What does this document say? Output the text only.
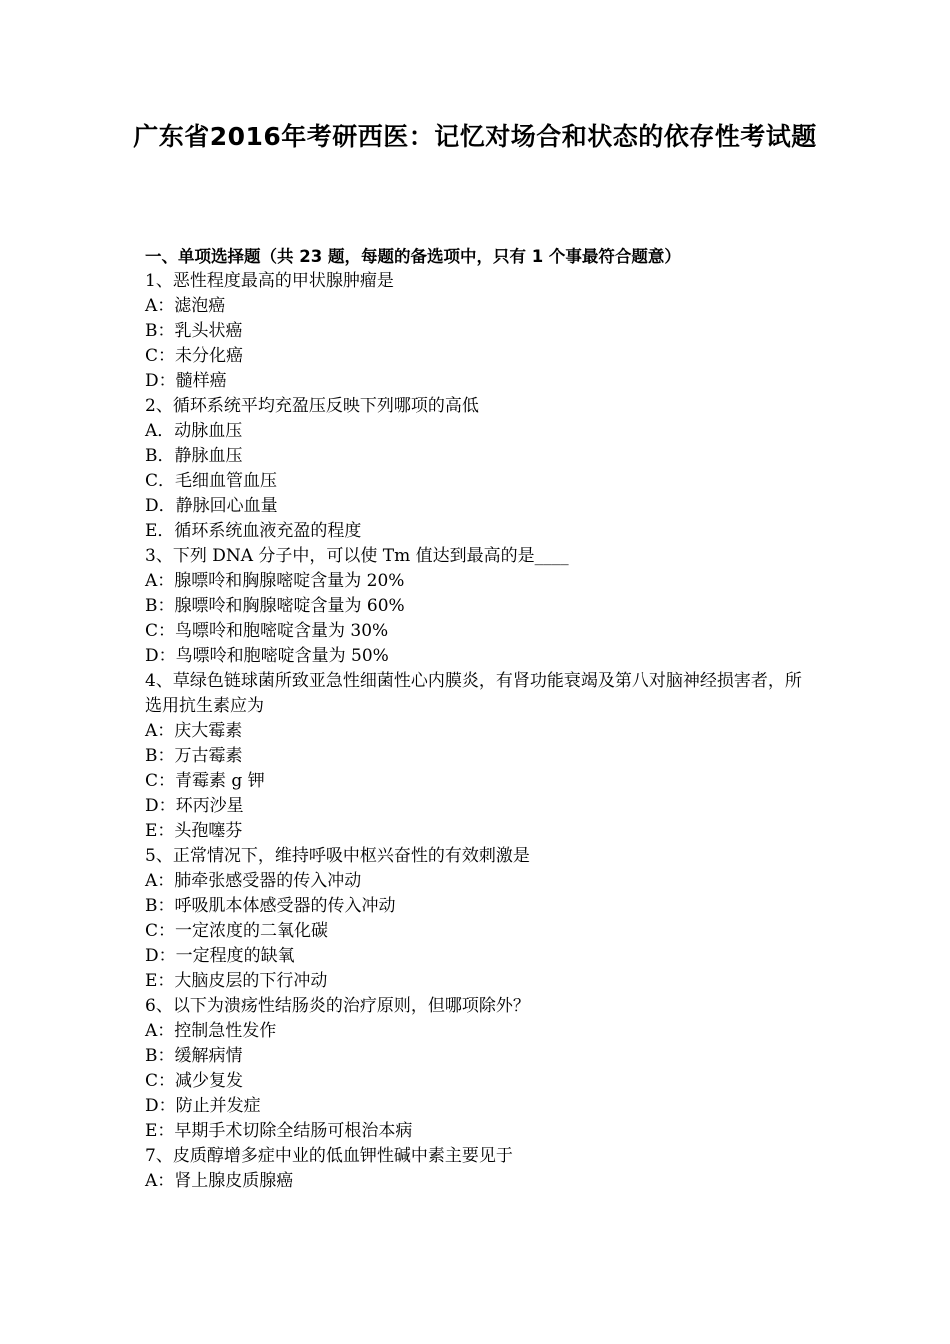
广东省2016年考研西医：记忆对场合和状态的依存性考试题
一、单项选择题（共 23 题，每题的备选项中，只有 1 个事最符合题意）
1、恶性程度最高的甲状腺肿瘤是
A：滤泡癌
B：乳头状癌
C：未分化癌
D：髓样癌
2、循环系统平均充盈压反映下列哪项的高低
A．动脉血压
B．静脉血压
C．毛细血管血压
D．静脉回心血量
E．循环系统血液充盈的程度
3、下列 DNA 分子中，可以使 Tm 值达到最高的是____
A：腺嘌呤和胸腺嘧啶含量为 20%
B：腺嘌呤和胸腺嘧啶含量为 60%
C：鸟嘌呤和胞嘧啶含量为 30%
D：鸟嘌呤和胞嘧啶含量为 50%
4、草绿色链球菌所致亚急性细菌性心内膜炎，有肾功能衰竭及第八对脑神经损害者，所选用抗生素应为
A：庆大霉素
B：万古霉素
C：青霉素 g 钾
D：环丙沙星
E：头孢噻芬
5、正常情况下，维持呼吸中枢兴奋性的有效刺激是
A：肺牵张感受器的传入冲动
B：呼吸肌本体感受器的传入冲动
C：一定浓度的二氧化碳
D：一定程度的缺氧
E：大脑皮层的下行冲动
6、以下为溃疡性结肠炎的治疗原则，但哪项除外？
A：控制急性发作
B：缓解病情
C：减少复发
D：防止并发症
E：早期手术切除全结肠可根治本病
7、皮质醇增多症中业的低血钾性碱中素主要见于
A：肾上腺皮质腺癌
